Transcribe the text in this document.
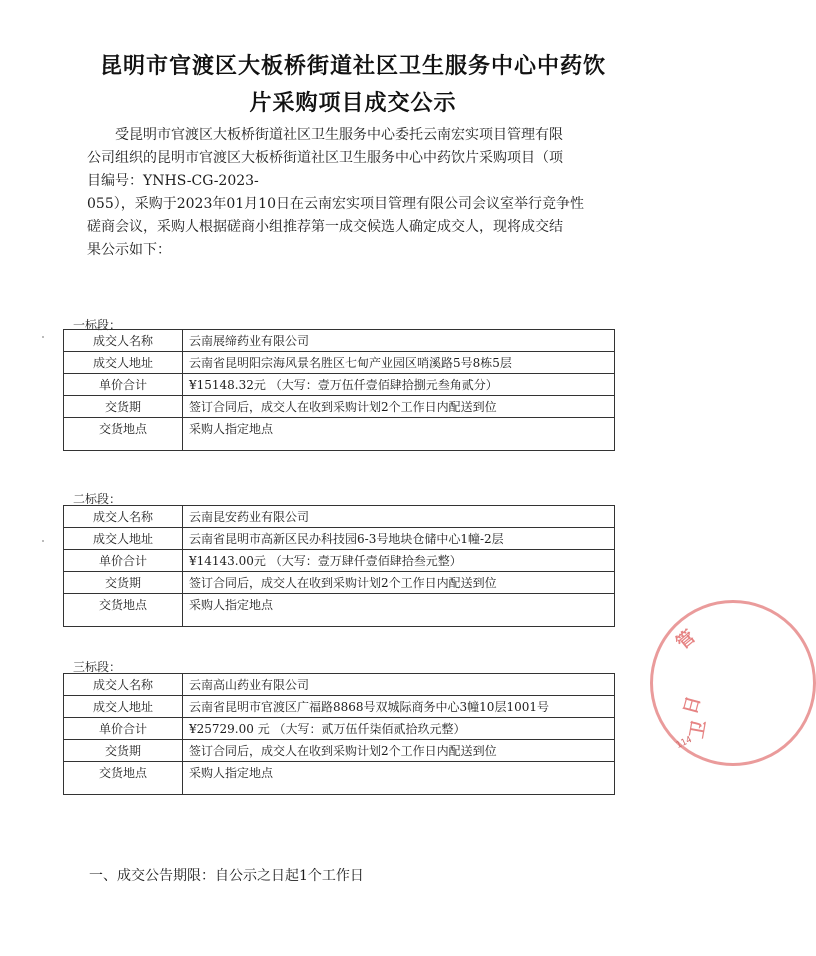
昆明市官渡区大板桥街道社区卫生服务中心中药饮
片采购项目成交公示

受昆明市官渡区大板桥街道社区卫生服务中心委托云南宏实项目管理有限
公司组织的昆明市官渡区大板桥街道社区卫生服务中心中药饮片采购项目（项
目编号：YNHS-CG-2023-
055），采购于2023年01月10日在云南宏实项目管理有限公司会议室举行竞争性
磋商会议，采购人根据磋商小组推荐第一成交候选人确定成交人，现将成交结
果公示如下：

一标段：
成交人名称	云南展缔药业有限公司
成交人地址	云南省昆明阳宗海风景名胜区七甸产业园区哨溪路5号8栋5层
单价合计	¥15148.32元 （大写：壹万伍仟壹佰肆拾捌元叁角贰分）
交货期	签订合同后，成交人在收到采购计划2个工作日内配送到位
交货地点	采购人指定地点
二标段：
成交人名称	云南昆安药业有限公司
成交人地址	云南省昆明市高新区民办科技园6-3号地块仓储中心1幢-2层
单价合计	¥14143.00元 （大写：壹万肆仟壹佰肆拾叁元整）
交货期	签订合同后，成交人在收到采购计划2个工作日内配送到位
交货地点	采购人指定地点
三标段：
成交人名称	云南高山药业有限公司
成交人地址	云南省昆明市官渡区广福路8868号双城际商务中心3幢10层1001号
单价合计	¥25729.00 元 （大写：贰万伍仟柒佰贰拾玖元整）
交货期	签订合同后，成交人在收到采购计划2个工作日内配送到位
交货地点	采购人指定地点
一、成交公告期限：自公示之日起1个工作日
管
日
卫
114
